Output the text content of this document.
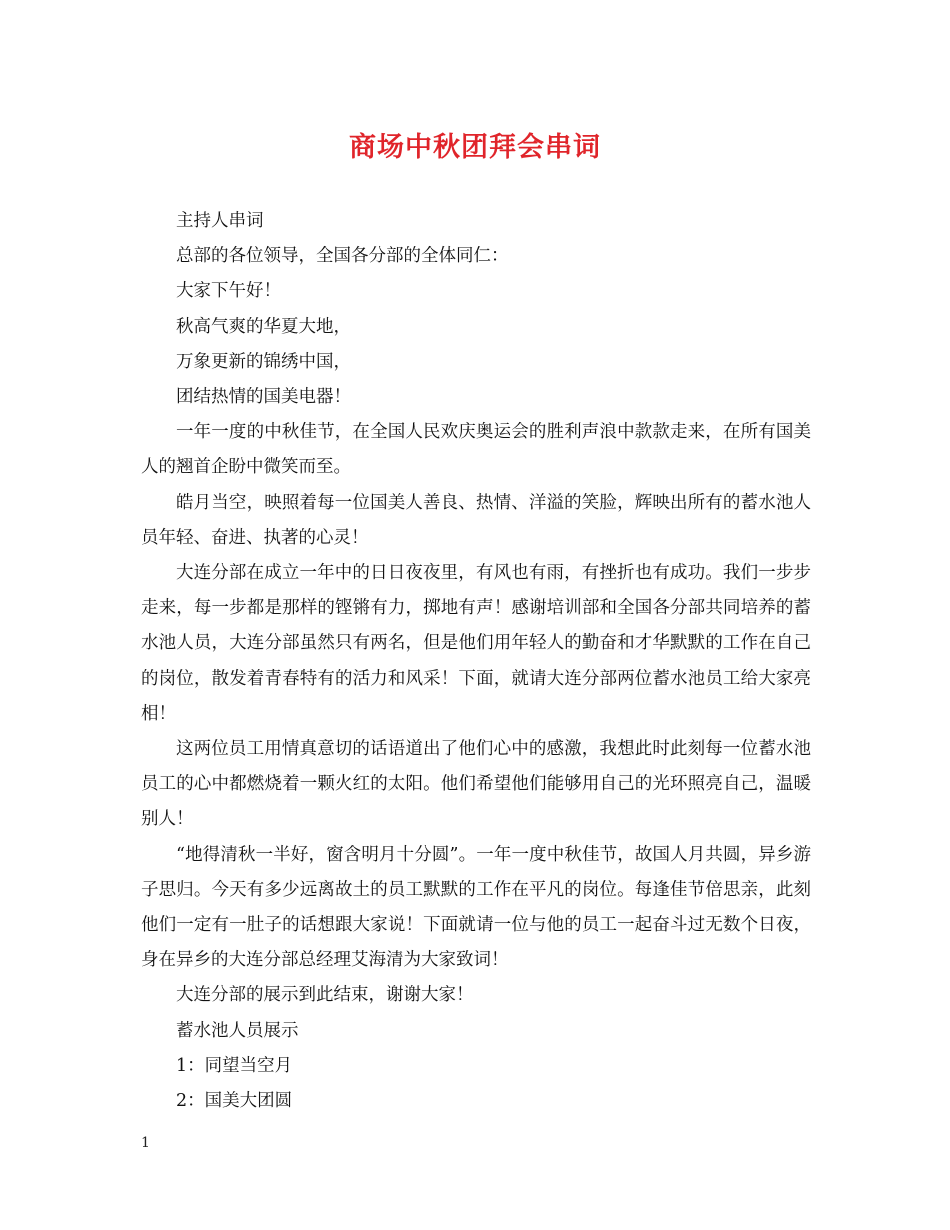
商场中秋团拜会串词

主持人串词

总部的各位领导，全国各分部的全体同仁：

大家下午好！

秋高气爽的华夏大地，

万象更新的锦绣中国，

团结热情的国美电器！

一年一度的中秋佳节，在全国人民欢庆奥运会的胜利声浪中款款走来，在所有国美人的翘首企盼中微笑而至。

皓月当空，映照着每一位国美人善良、热情、洋溢的笑脸，辉映出所有的蓄水池人员年轻、奋进、执著的心灵！

大连分部在成立一年中的日日夜夜里，有风也有雨，有挫折也有成功。我们一步步走来，每一步都是那样的铿锵有力，掷地有声！感谢培训部和全国各分部共同培养的蓄水池人员，大连分部虽然只有两名，但是他们用年轻人的勤奋和才华默默的工作在自己的岗位，散发着青春特有的活力和风采！下面，就请大连分部两位蓄水池员工给大家亮相！

这两位员工用情真意切的话语道出了他们心中的感激，我想此时此刻每一位蓄水池员工的心中都燃烧着一颗火红的太阳。他们希望他们能够用自己的光环照亮自己，温暖别人！

“地得清秋一半好，窗含明月十分圆”。一年一度中秋佳节，故国人月共圆，异乡游子思归。今天有多少远离故土的员工默默的工作在平凡的岗位。每逢佳节倍思亲，此刻他们一定有一肚子的话想跟大家说！下面就请一位与他的员工一起奋斗过无数个日夜，身在异乡的大连分部总经理艾海清为大家致词！

大连分部的展示到此结束，谢谢大家！

蓄水池人员展示

1：同望当空月

2：国美大团圆

1
